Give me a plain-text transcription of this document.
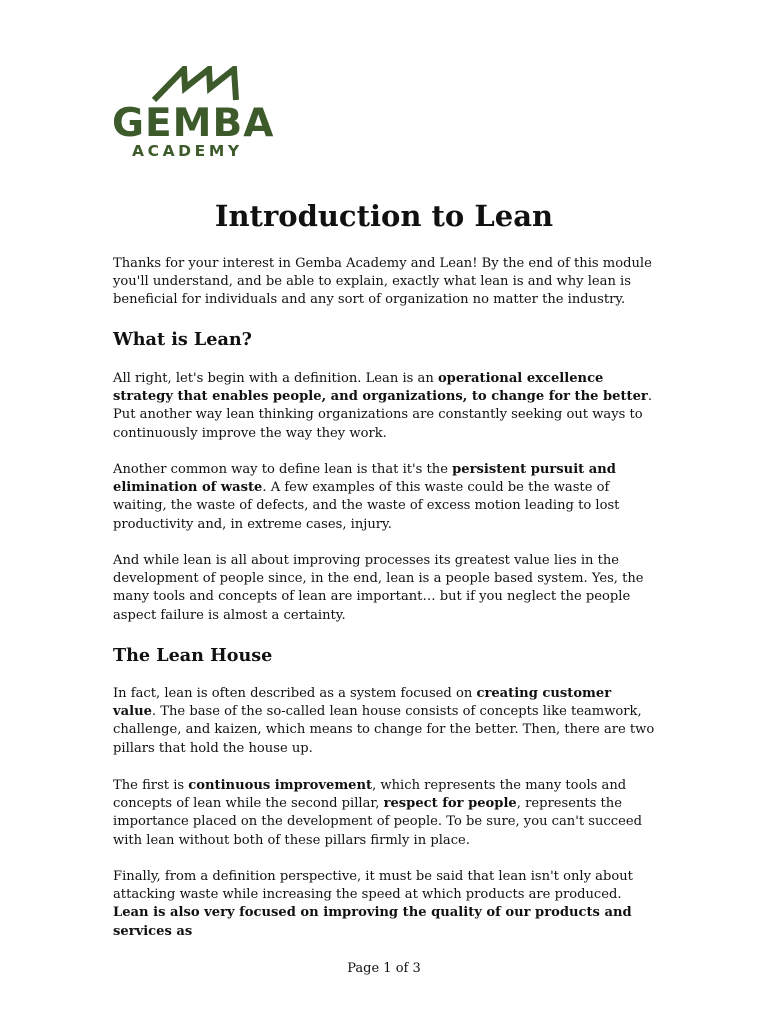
GEMBA
ACADEMY
Introduction to Lean

Thanks for your interest in Gemba Academy and Lean! By the end of this module you'll understand, and be able to explain, exactly what lean is and why lean is beneficial for individuals and any sort of organization no matter the industry.

What is Lean?

All right, let's begin with a definition. Lean is an operational excellence strategy that enables people, and organizations, to change for the better. Put another way lean thinking organizations are constantly seeking out ways to continuously improve the way they work.

Another common way to define lean is that it's the persistent pursuit and elimination of waste. A few examples of this waste could be the waste of waiting, the waste of defects, and the waste of excess motion leading to lost productivity and, in extreme cases, injury.

And while lean is all about improving processes its greatest value lies in the development of people since, in the end, lean is a people based system. Yes, the many tools and concepts of lean are important… but if you neglect the people aspect failure is almost a certainty.

The Lean House

In fact, lean is often described as a system focused on creating customer value. The base of the so-called lean house consists of concepts like teamwork, challenge, and kaizen, which means to change for the better. Then, there are two pillars that hold the house up.

The first is continuous improvement, which represents the many tools and concepts of lean while the second pillar, respect for people, represents the importance placed on the development of people. To be sure, you can't succeed with lean without both of these pillars firmly in place.

Finally, from a definition perspective, it must be said that lean isn't only about attacking waste while increasing the speed at which products are produced. Lean is also very focused on improving the quality of our products and services as

Page 1 of 3
